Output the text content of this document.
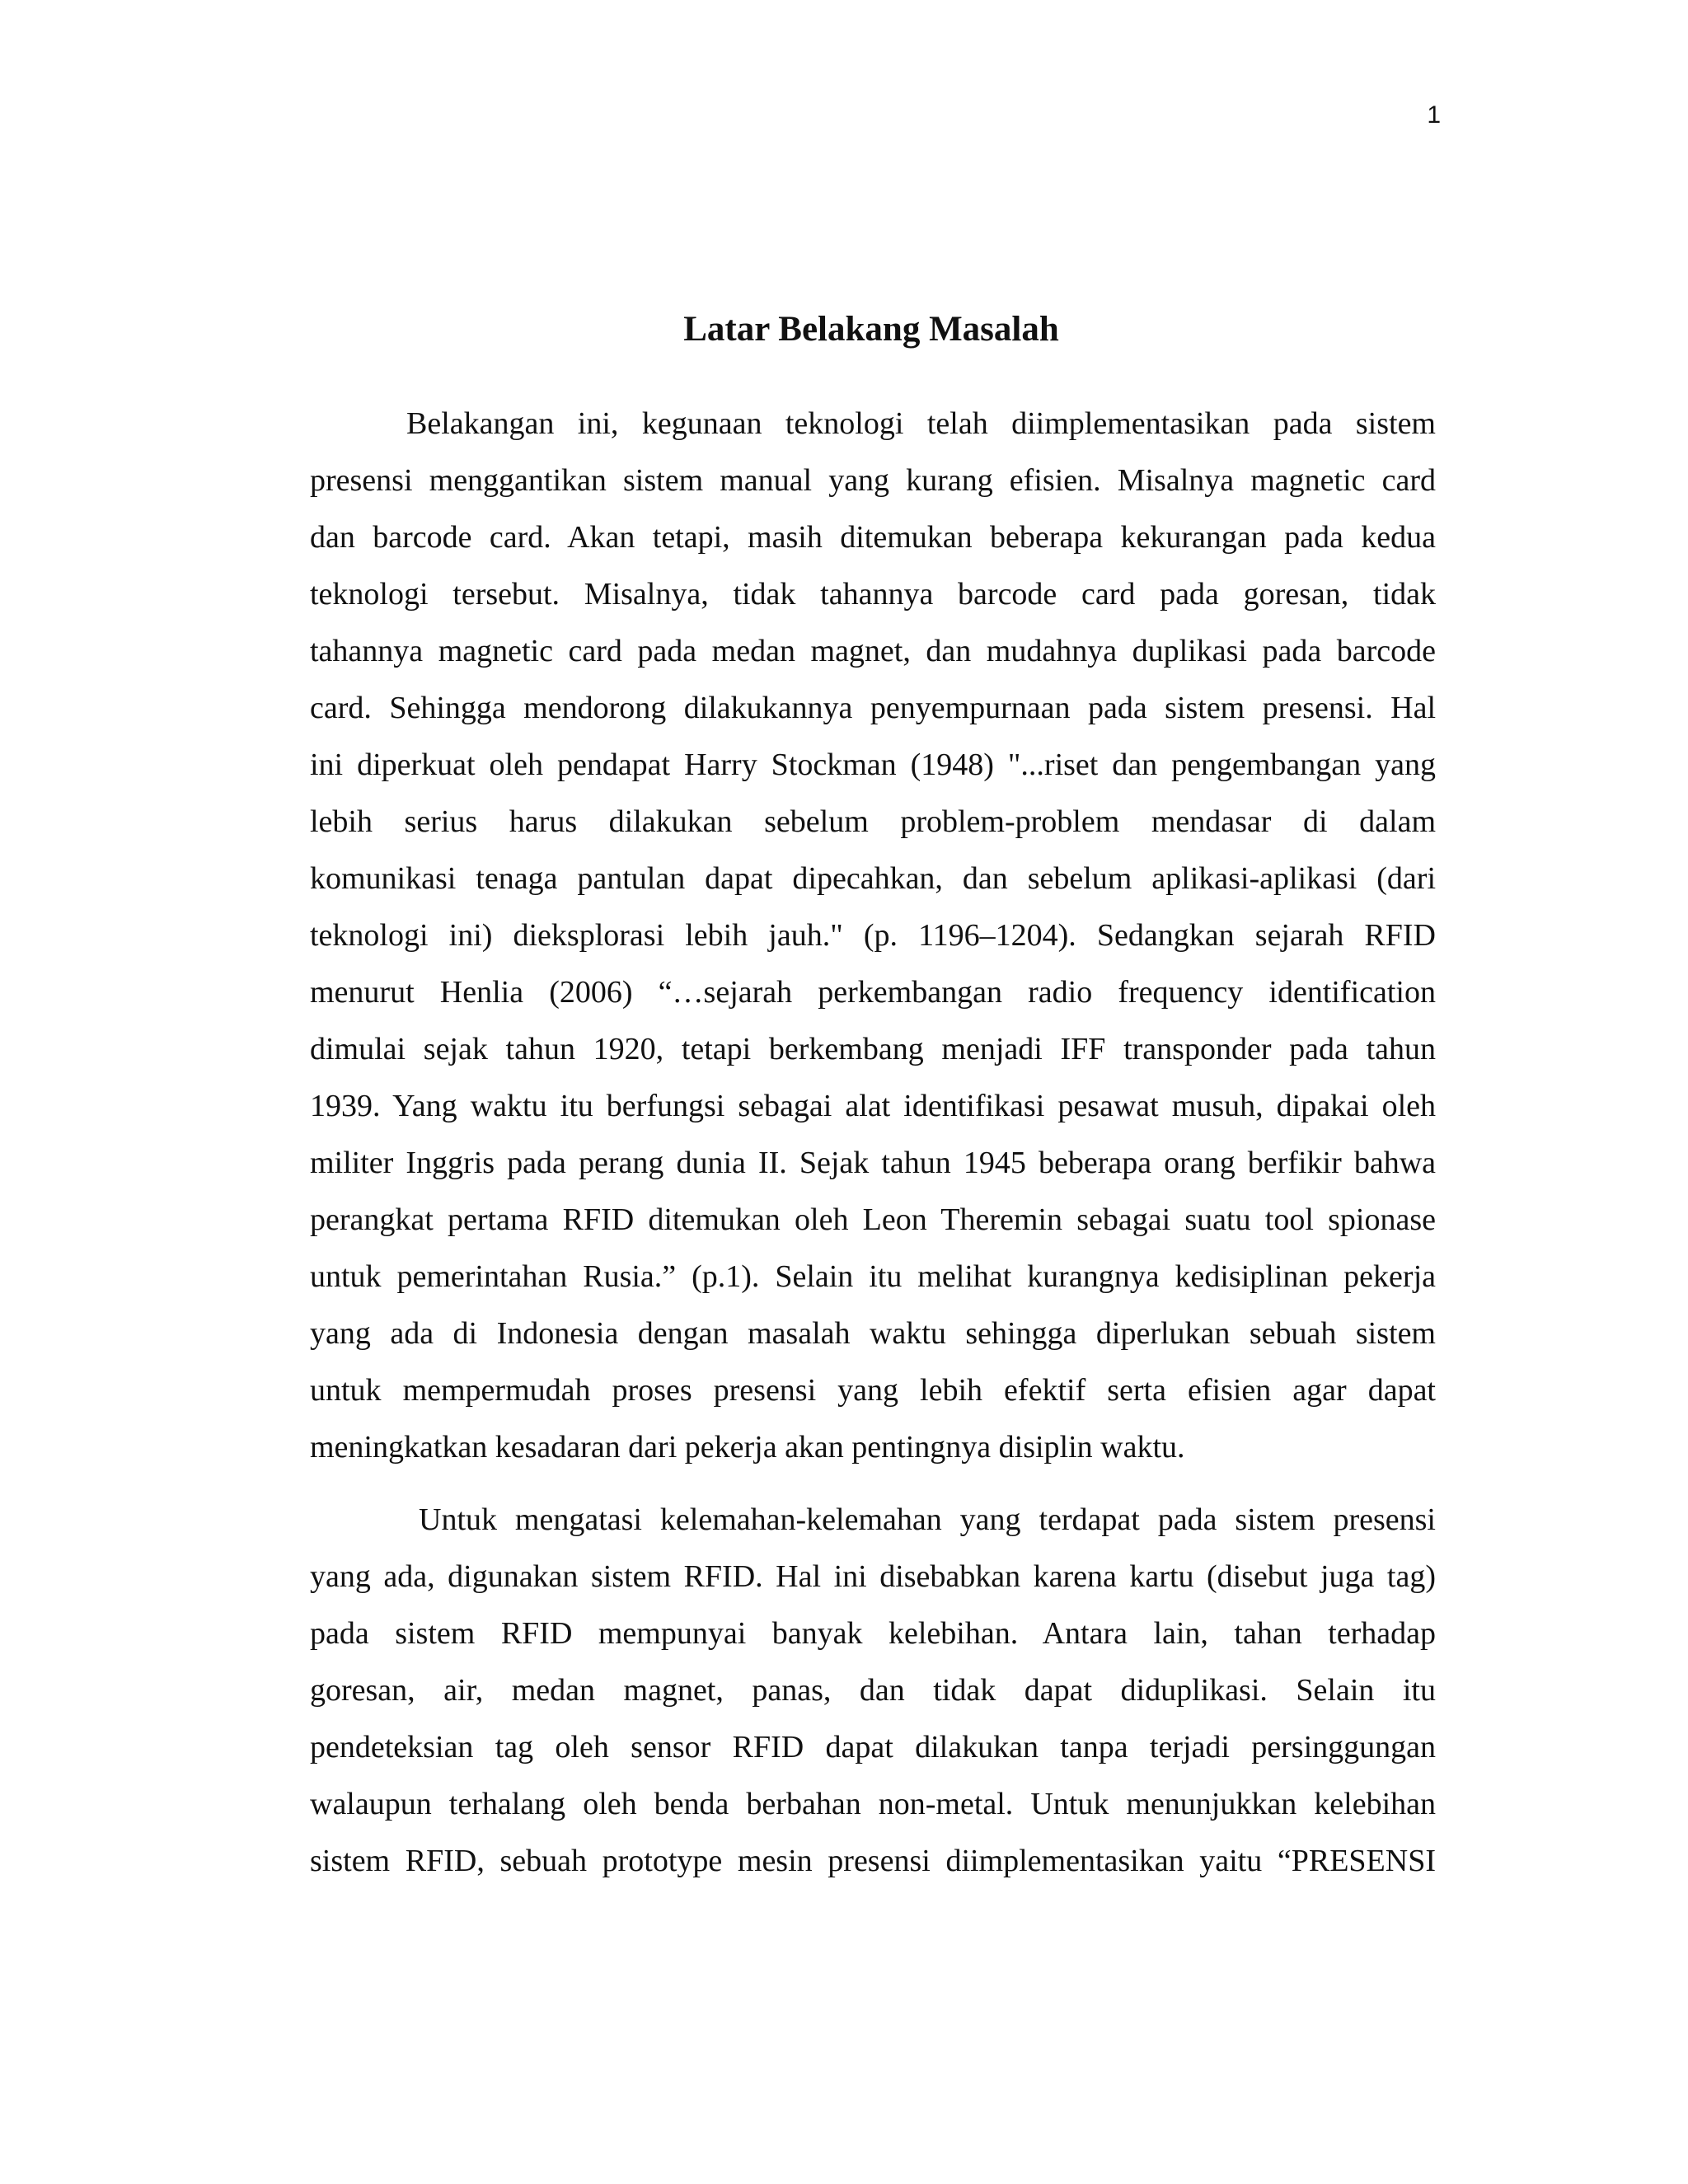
1
Latar Belakang Masalah
Belakangan ini, kegunaan teknologi telah diimplementasikan pada sistem
presensi menggantikan sistem manual yang kurang efisien. Misalnya magnetic card
dan barcode card. Akan tetapi, masih ditemukan beberapa kekurangan pada kedua
teknologi tersebut. Misalnya, tidak tahannya barcode card pada goresan, tidak
tahannya magnetic card pada medan magnet, dan mudahnya duplikasi pada barcode
card. Sehingga mendorong dilakukannya penyempurnaan pada sistem presensi. Hal
ini diperkuat oleh pendapat Harry Stockman (1948) "...riset dan pengembangan yang
lebih serius harus dilakukan sebelum problem-problem mendasar di dalam
komunikasi tenaga pantulan dapat dipecahkan, dan sebelum aplikasi-aplikasi (dari
teknologi ini) dieksplorasi lebih jauh." (p. 1196–1204). Sedangkan sejarah RFID
menurut Henlia (2006) “…sejarah perkembangan radio frequency identification
dimulai sejak tahun 1920, tetapi berkembang menjadi IFF transponder pada tahun
1939. Yang waktu itu berfungsi sebagai alat identifikasi pesawat musuh, dipakai oleh
militer Inggris pada perang dunia II. Sejak tahun 1945 beberapa orang berfikir bahwa
perangkat pertama RFID ditemukan oleh Leon Theremin sebagai suatu tool spionase
untuk pemerintahan Rusia.” (p.1). Selain itu melihat kurangnya kedisiplinan pekerja
yang ada di Indonesia dengan masalah waktu sehingga diperlukan sebuah sistem
untuk mempermudah proses presensi yang lebih efektif serta efisien agar dapat
meningkatkan kesadaran dari pekerja akan pentingnya disiplin waktu.
Untuk mengatasi kelemahan-kelemahan yang terdapat pada sistem presensi
yang ada, digunakan sistem RFID. Hal ini disebabkan karena kartu (disebut juga tag)
pada sistem RFID mempunyai banyak kelebihan. Antara lain, tahan terhadap
goresan, air, medan magnet, panas, dan tidak dapat diduplikasi. Selain itu
pendeteksian tag oleh sensor RFID dapat dilakukan tanpa terjadi persinggungan
walaupun terhalang oleh benda berbahan non-metal. Untuk menunjukkan kelebihan
sistem RFID, sebuah prototype mesin presensi diimplementasikan yaitu “PRESENSI
